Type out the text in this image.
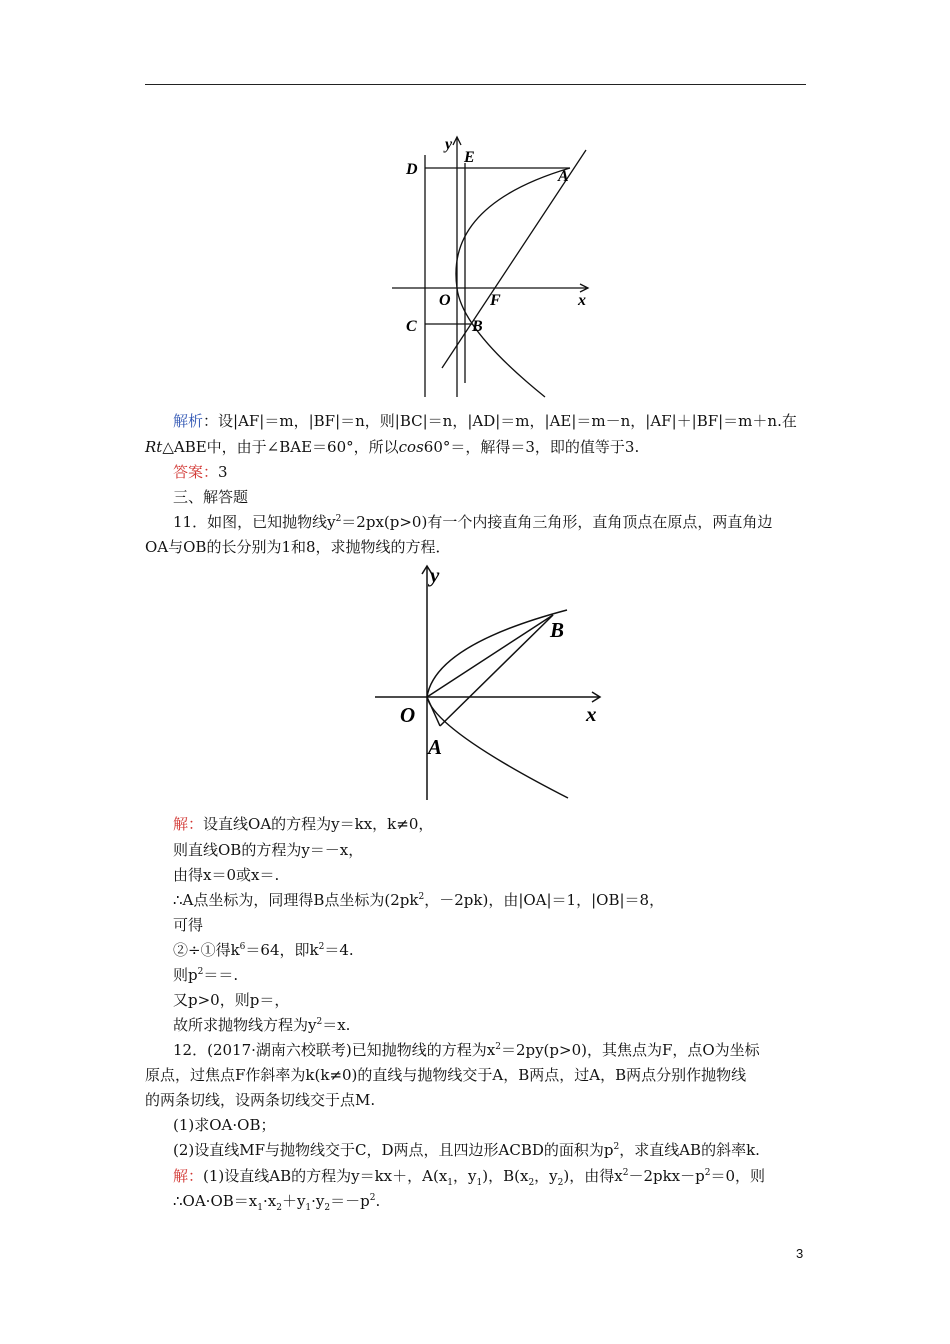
y
D
E
A
O F	x
C	B
解析：设|AF|＝m，|BF|＝n，则|BC|＝n，|AD|＝m，|AE|＝m－n，|AF|＋|BF|＝m＋n.在
Rt△ABE中，由于∠BAE＝60°，所以cos60°＝，解得＝3，即的值等于3.
答案：3
三、解答题
11．如图，已知抛物线$y^2=2px(p>0)$有一个内接直角三角形，直角顶点在原点，两直角边
OA与OB的长分别为1和8，求抛物线的方程．
y
B
O	x
A
解：设直线OA的方程为y＝kx，k≠0，
则直线OB的方程为y＝－x，
由得x＝0或x＝.
∴A点坐标为，同理得B点坐标为($2pk^2$，－2pk)，由|OA|＝1，|OB|＝8，
可得
②÷①得$k^6=64$，即$k^2=4$.
则$p^2==$.
又p>0，则p＝，
故所求抛物线方程为$y^2=x$.
12．(2017·湖南六校联考)已知抛物线的方程为$x^2=2py(p>0)$，其焦点为F，点O为坐标
原点，过焦点F作斜率为k(k≠0)的直线与抛物线交于A，B两点，过A，B两点分别作抛物线
的两条切线，设两条切线交于点M.
(1)求OA·OB；
(2)设直线MF与抛物线交于C，D两点，且四边形ACBD的面积为$p^2$，求直线AB的斜率k.
解：(1)设直线AB的方程为y＝kx＋，$A(x_1$，$y_1$)，$B(x_2$，$y_2$)，由得$x^2-2pkx-p^2=0$，则
$\therefore OA\cdot OB=x_1\cdot x_2+y_1\cdot y_2=-p^2$.
3
